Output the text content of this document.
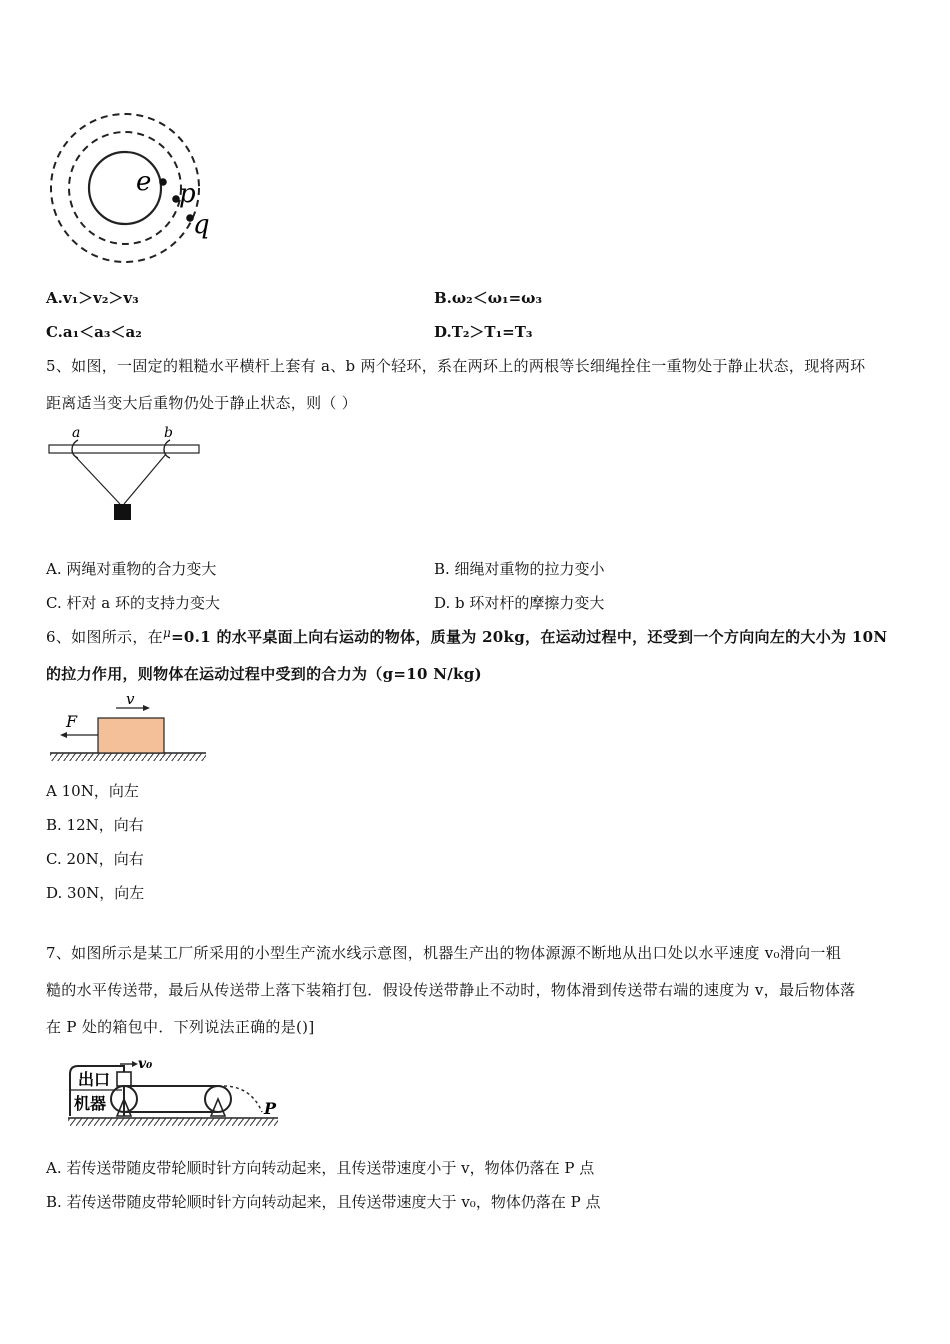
e p
q
A.v₁＞v₂＞v₃	B.ω₂＜ω₁=ω₃
C.a₁＜a₃＜a₂	D.T₂＞T₁=T₃
5、如图，一固定的粗糙水平横杆上套有 a、b 两个轻环，系在两环上的两根等长细绳拴住一重物处于静止状态，现将两环
距离适当变大后重物仍处于静止状态，则（ ）
a	b
A. 两绳对重物的合力变大	B. 细绳对重物的拉力变小
C. 杆对 a 环的支持力变大	D. b 环对杆的摩擦力变大
6、如图所示，在$^\mu$=0.1 的水平桌面上向右运动的物体，质量为 20kg，在运动过程中，还受到一个方向向左的大小为 10N
的拉力作用，则物体在运动过程中受到的合力为（g=10 N/kg)
F
v
A 10N，向左
B. 12N，向右
C. 20N，向右
D. 30N，向左
7、如图所示是某工厂所采用的小型生产流水线示意图，机器生产出的物体源源不断地从出口处以水平速度 v₀滑向一粗
糙的水平传送带，最后从传送带上落下装箱打包．假设传送带静止不动时，物体滑到传送带右端的速度为 v，最后物体落
在 P 处的箱包中．下列说法正确的是()]
出口
机器
v₀
P
A. 若传送带随皮带轮顺时针方向转动起来，且传送带速度小于 v，物体仍落在 P 点
B. 若传送带随皮带轮顺时针方向转动起来，且传送带速度大于 v₀，物体仍落在 P 点
